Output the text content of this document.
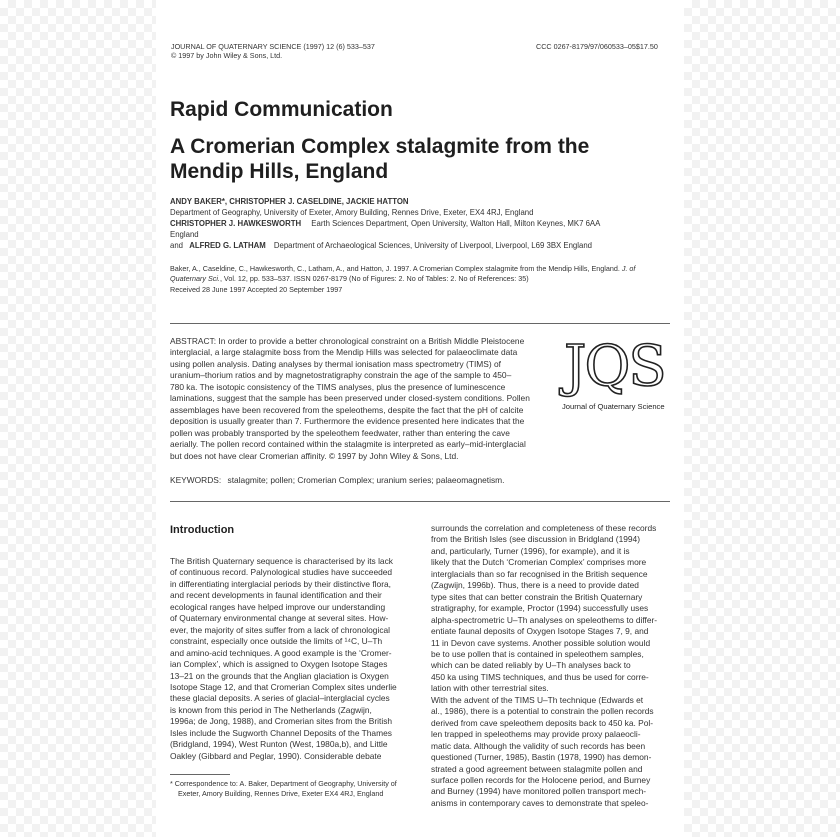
JOURNAL OF QUATERNARY SCIENCE (1997) 12 (6) 533–537
© 1997 by John Wiley & Sons, Ltd.
CCC 0267-8179/97/060533–05$17.50
Rapid Communication
A Cromerian Complex stalagmite from the
Mendip Hills, England
ANDY BAKER*, CHRISTOPHER J. CASELDINE, JACKIE HATTON
Department of Geography, University of Exeter, Amory Building, Rennes Drive, Exeter, EX4 4RJ, England
CHRISTOPHER J. HAWKESWORTH Earth Sciences Department, Open University, Walton Hall, Milton Keynes, MK7 6AA
England
and ALFRED G. LATHAM Department of Archaeological Sciences, University of Liverpool, Liverpool, L69 3BX England
Baker, A., Caseldine, C., Hawkesworth, C., Latham, A., and Hatton, J. 1997. A Cromerian Complex stalagmite from the Mendip Hills, England. J. of
Quaternary Sci., Vol. 12, pp. 533–537. ISSN 0267-8179 (No of Figures: 2. No of Tables: 2. No of References: 35)
Received 28 June 1997 Accepted 20 September 1997

ABSTRACT: In order to provide a better chronological constraint on a British Middle Pleistocene

interglacial, a large stalagmite boss from the Mendip Hills was selected for palaeoclimate data

using pollen analysis. Dating analyses by thermal ionisation mass spectrometry (TIMS) of

uranium–thorium ratios and by magnetostratigraphy constrain the age of the sample to 450–

780 ka. The isotopic consistency of the TIMS analyses, plus the presence of luminescence

laminations, suggest that the sample has been preserved under closed-system conditions. Pollen

assemblages have been recovered from the speleothems, despite the fact that the pH of calcite

deposition is usually greater than 7. Furthermore the evidence presented here indicates that the

pollen was probably transported by the speleothem feedwater, rather than entering the cave

aerially. The pollen record contained within the stalagmite is interpreted as early–mid-interglacial

but does not have clear Cromerian affinity. © 1997 by John Wiley & Sons, Ltd.

KEYWORDS: stalagmite; pollen; Cromerian Complex; uranium series; palaeomagnetism.
JQS
Journal of Quaternary Science
Introduction

The British Quaternary sequence is characterised by its lack

of continuous record. Palynological studies have succeeded

in differentiating interglacial periods by their distinctive flora,

and recent developments in faunal identification and their

ecological ranges have helped improve our understanding

of Quaternary environmental change at several sites. How-

ever, the majority of sites suffer from a lack of chronological

constraint, especially once outside the limits of ¹⁴C, U–Th

and amino-acid techniques. A good example is the ‘Cromer-

ian Complex’, which is assigned to Oxygen Isotope Stages

13–21 on the grounds that the Anglian glaciation is Oxygen

Isotope Stage 12, and that Cromerian Complex sites underlie

these glacial deposits. A series of glacial–interglacial cycles

is known from this period in The Netherlands (Zagwijn,

1996a; de Jong, 1988), and Cromerian sites from the British

Isles include the Sugworth Channel Deposits of the Thames

(Bridgland, 1994), West Runton (West, 1980a,b), and Little

Oakley (Gibbard and Peglar, 1990). Considerable debate

surrounds the correlation and completeness of these records

from the British Isles (see discussion in Bridgland (1994)

and, particularly, Turner (1996), for example), and it is

likely that the Dutch ‘Cromerian Complex’ comprises more

interglacials than so far recognised in the British sequence

(Zagwijn, 1996b). Thus, there is a need to provide dated

type sites that can better constrain the British Quaternary

stratigraphy, for example, Proctor (1994) successfully uses

alpha-spectrometric U–Th analyses on speleothems to differ-

entiate faunal deposits of Oxygen Isotope Stages 7, 9, and

11 in Devon cave systems. Another possible solution would

be to use pollen that is contained in speleothem samples,

which can be dated reliably by U–Th analyses back to

450 ka using TIMS techniques, and thus be used for corre-

lation with other terrestrial sites.

With the advent of the TIMS U–Th technique (Edwards et

al., 1986), there is a potential to constrain the pollen records

derived from cave speleothem deposits back to 450 ka. Pol-

len trapped in speleothems may provide proxy palaeocli-

matic data. Although the validity of such records has been

questioned (Turner, 1985), Bastin (1978, 1990) has demon-

strated a good agreement between stalagmite pollen and

surface pollen records for the Holocene period, and Burney

and Burney (1994) have monitored pollen transport mech-

anisms in contemporary caves to demonstrate that speleo-

* Correspondence to: A. Baker, Department of Geography, University of
Exeter, Amory Building, Rennes Drive, Exeter EX4 4RJ, England
